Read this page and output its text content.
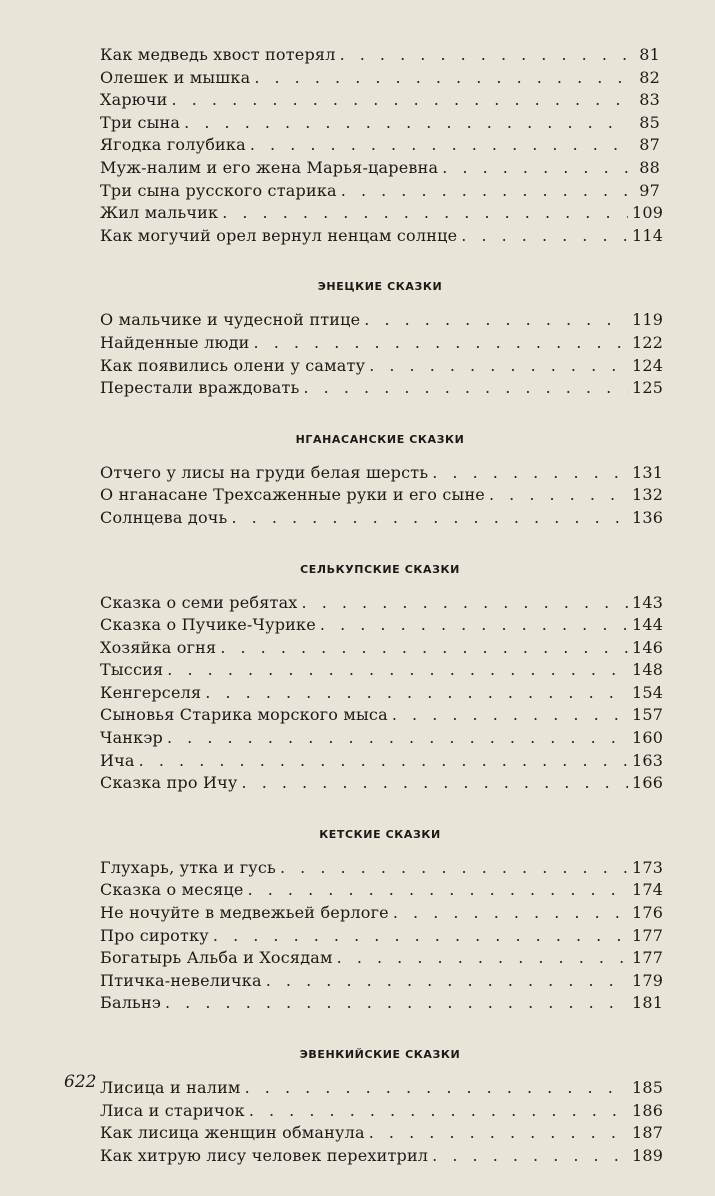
Как медведь хвост потерял . . .	81
Олешек и мышка . . .	82
Харючи . . .	83
Три сына . . .	85
Ягодка голубика . . .	87
Муж-налим и его жена Марья-царевна . . .	88
Три сына русского старика . . .	97
Жил мальчик . . .	109
Как могучий орел вернул ненцам солнце . . .	114
ЭНЕЦКИЕ СКАЗКИ
О мальчике и чудесной птице . . .	119
Найденные люди . . .	122
Как появились олени у самату . . .	124
Перестали враждовать . . .	125
НГАНАСАНСКИЕ СКАЗКИ
Отчего у лисы на груди белая шерсть . . .	131
О нганасане Трехсаженные руки и его сыне . . .	132
Солнцева дочь . . .	136
СЕЛЬКУПСКИЕ СКАЗКИ
Сказка о семи ребятах . . .	143
Сказка о Пучике-Чурике . . .	144
Хозяйка огня . . .	146
Тыссия . . .	148
Кенгерселя . . .	154
Сыновья Старика морского мыса . . .	157
Чанкэр . . .	160
Ича . . .	163
Сказка про Ичу . . .	166
КЕТСКИЕ СКАЗКИ
Глухарь, утка и гусь . . .	173
Сказка о месяце . . .	174
Не ночуйте в медвежьей берлоге . . .	176
Про сиротку . . .	177
Богатырь Альба и Хосядам . . .	177
Птичка-невеличка . . .	179
Бальнэ . . .	181
ЭВЕНКИЙСКИЕ СКАЗКИ
Лисица и налим . . .	185
Лиса и старичок . . .	186
Как лисица женщин обманула . . .	187
Как хитрую лису человек перехитрил . . .	189
622
